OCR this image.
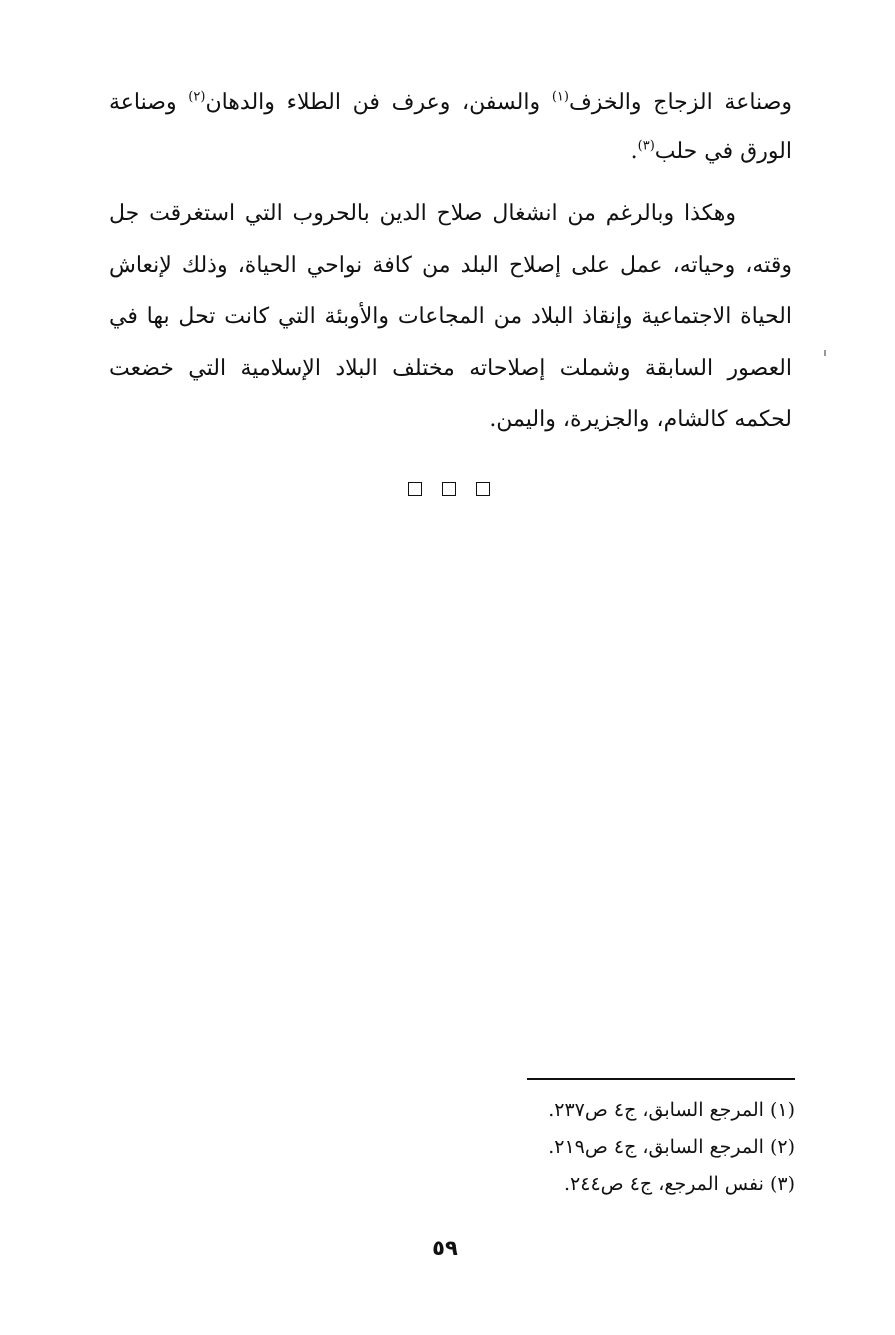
وصناعة الزجاج والخزف$^{(١)}$ والسفن، وعرف فن الطلاء والدهان$^{(٢)}$ وصناعة الورق في حلب$^{(٣)}$.

وهكذا وبالرغم من انشغال صلاح الدين بالحروب التي استغرقت جل وقته، وحياته، عمل على إصلاح البلد من كافة نواحي الحياة، وذلك لإنعاش الحياة الاجتماعية وإنقاذ البلاد من المجاعات والأوبئة التي كانت تحل بها في العصور السابقة وشملت إصلاحاته مختلف البلاد الإسلامية التي خضعت لحكمه كالشام، والجزيرة، واليمن.

(١) المرجع السابق، ج٤ ص٢٣٧.

(٢) المرجع السابق، ج٤ ص٢١٩.

(٣) نفس المرجع، ج٤ ص٢٤٤.

٥٩
